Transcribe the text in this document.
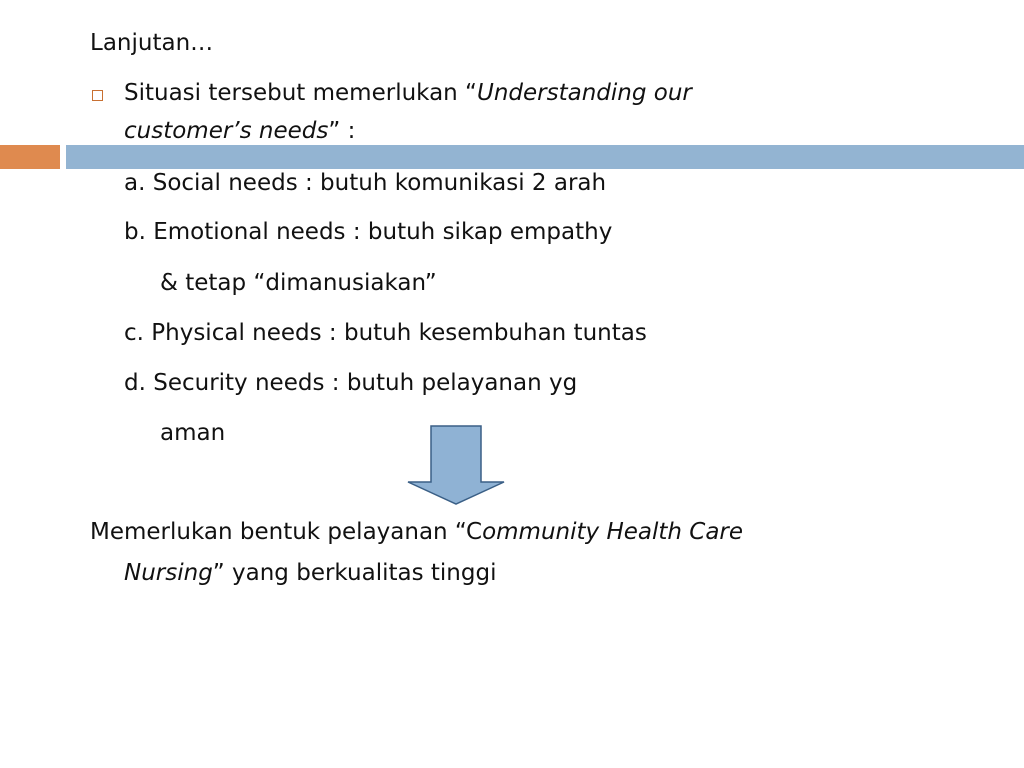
Lanjutan…
Situasi tersebut memerlukan “Understanding our
customer’s needs” :
a. Social needs : butuh komunikasi 2 arah
b. Emotional needs : butuh sikap empathy
& tetap “dimanusiakan”
c. Physical needs : butuh kesembuhan tuntas
d. Security needs : butuh pelayanan yg
aman
Memerlukan bentuk pelayanan “Community Health Care
Nursing” yang berkualitas tinggi
